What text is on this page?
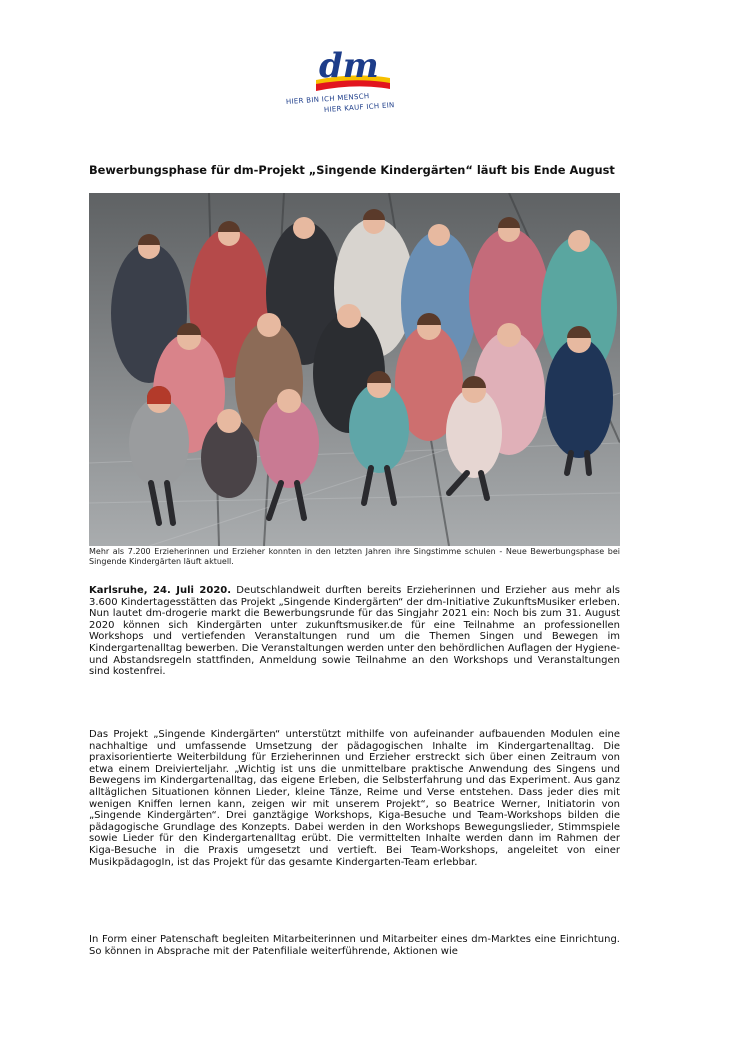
dm
HIER BIN ICH MENSCH
HIER KAUF ICH EIN
Bewerbungsphase für dm-Projekt „Singende Kindergärten“ läuft bis Ende August
Mehr als 7.200 Erzieherinnen und Erzieher konnten in den letzten Jahren ihre Singstimme schulen - Neue Bewerbungsphase bei Singende Kindergärten läuft aktuell.

Karlsruhe, 24. Juli 2020. Deutschlandweit durften bereits Erzieherinnen und Erzieher aus mehr als 3.600 Kindertagesstätten das Projekt „Singende Kindergärten“ der dm-Initiative ZukunftsMusiker erleben. Nun lautet dm-drogerie markt die Bewerbungsrunde für das Singjahr 2021 ein: Noch bis zum 31. August 2020 können sich Kindergärten unter zukunftsmusiker.de für eine Teilnahme an professionellen Workshops und vertiefenden Veranstaltungen rund um die Themen Singen und Bewegen im Kindergartenalltag bewerben. Die Veranstaltungen werden unter den behördlichen Auflagen der Hygiene- und Abstandsregeln stattfinden, Anmeldung sowie Teilnahme an den Workshops und Veranstaltungen sind kostenfrei.

Das Projekt „Singende Kindergärten“ unterstützt mithilfe von aufeinander aufbauenden Modulen eine nachhaltige und umfassende Umsetzung der pädagogischen Inhalte im Kindergartenalltag. Die praxisorientierte Weiterbildung für Erzieherinnen und Erzieher erstreckt sich über einen Zeitraum von etwa einem Dreivierteljahr. „Wichtig ist uns die unmittelbare praktische Anwendung des Singens und Bewegens im Kindergartenalltag, das eigene Erleben, die Selbsterfahrung und das Experiment. Aus ganz alltäglichen Situationen können Lieder, kleine Tänze, Reime und Verse entstehen. Dass jeder dies mit wenigen Kniffen lernen kann, zeigen wir mit unserem Projekt“, so Beatrice Werner, Initiatorin von „Singende Kindergärten“. Drei ganztägige Workshops, Kiga-Besuche und Team-Workshops bilden die pädagogische Grundlage des Konzepts. Dabei werden in den Workshops Bewegungslieder, Stimmspiele sowie Lieder für den Kindergartenalltag erübt. Die vermittelten Inhalte werden dann im Rahmen der Kiga-Besuche in die Praxis umgesetzt und vertieft. Bei Team-Workshops, angeleitet von einer MusikpädagogIn, ist das Projekt für das gesamte Kindergarten-Team erlebbar.

In Form einer Patenschaft begleiten Mitarbeiterinnen und Mitarbeiter eines dm-Marktes eine Einrichtung. So können in Absprache mit der Patenfiliale weiterführende, Aktionen wie
